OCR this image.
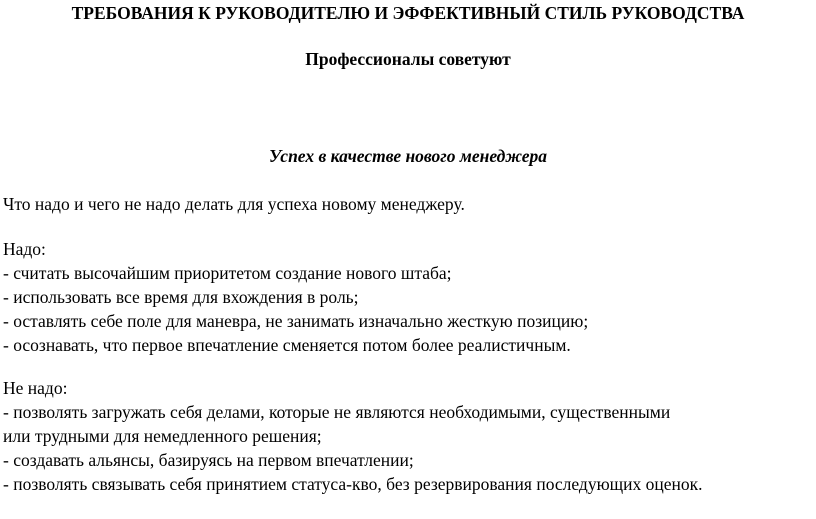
ТРЕБОВАНИЯ К РУКОВОДИТЕЛЮ И ЭФФЕКТИВНЫЙ СТИЛЬ РУКОВОДСТВА
Профессионалы советуют
Успех в качестве нового менеджера
Что надо и чего не надо делать для успеха новому менеджеру.
Надо:
- считать высочайшим приоритетом создание нового штаба;
- использовать все время для вхождения в роль;
- оставлять себе поле для маневра, не занимать изначально жесткую позицию;
- осознавать, что первое впечатление сменяется потом более реалистичным.
Не надо:
- позволять загружать себя делами, которые не являются необходимыми, существенными
или трудными для немедленного решения;
- создавать альянсы, базируясь на первом впечатлении;
- позволять связывать себя принятием статуса-кво, без резервирования последующих оценок.
